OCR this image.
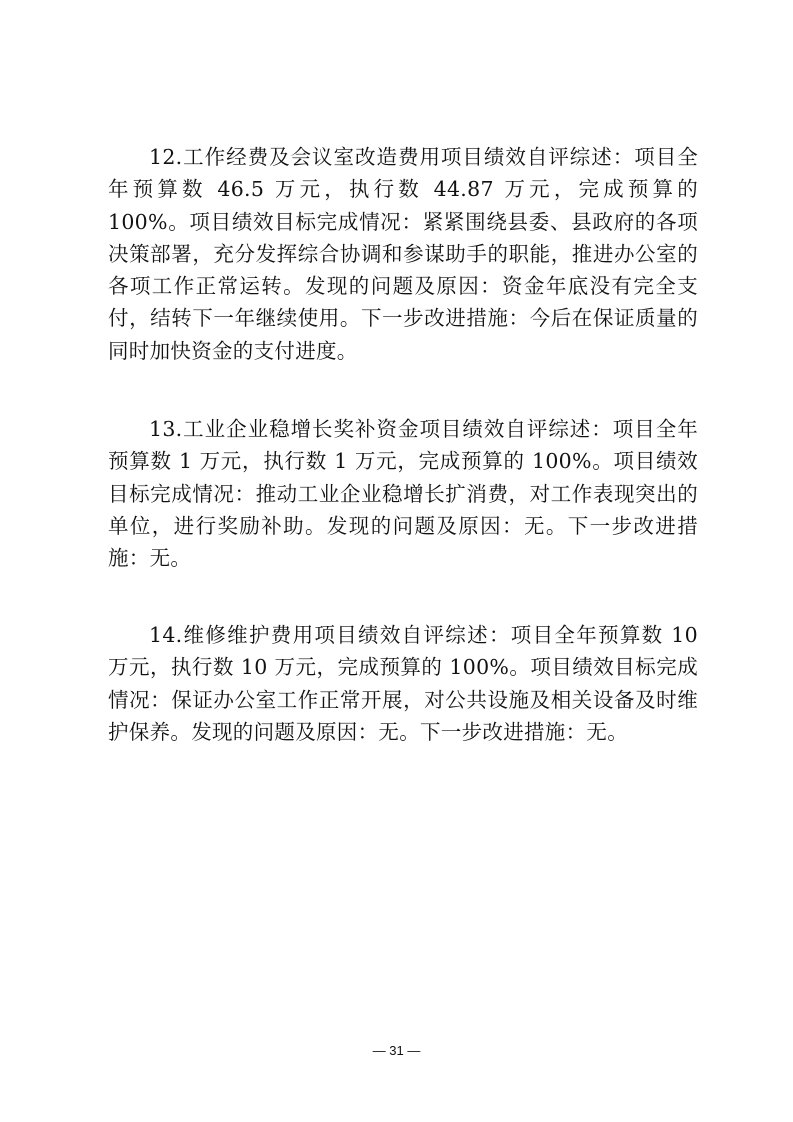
12.工作经费及会议室改造费用项目绩效自评综述：项目全年预算数 46.5 万元，执行数 44.87 万元，完成预算的 100%。项目绩效目标完成情况：紧紧围绕县委、县政府的各项决策部署，充分发挥综合协调和参谋助手的职能，推进办公室的各项工作正常运转。发现的问题及原因：资金年底没有完全支付，结转下一年继续使用。下一步改进措施：今后在保证质量的同时加快资金的支付进度。

13.工业企业稳增长奖补资金项目绩效自评综述：项目全年预算数 1 万元，执行数 1 万元，完成预算的 100%。项目绩效目标完成情况：推动工业企业稳增长扩消费，对工作表现突出的单位，进行奖励补助。发现的问题及原因：无。下一步改进措施：无。

14.维修维护费用项目绩效自评综述：项目全年预算数 10 万元，执行数 10 万元，完成预算的 100%。项目绩效目标完成情况：保证办公室工作正常开展，对公共设施及相关设备及时维护保养。发现的问题及原因：无。下一步改进措施：无。

— 31 —
